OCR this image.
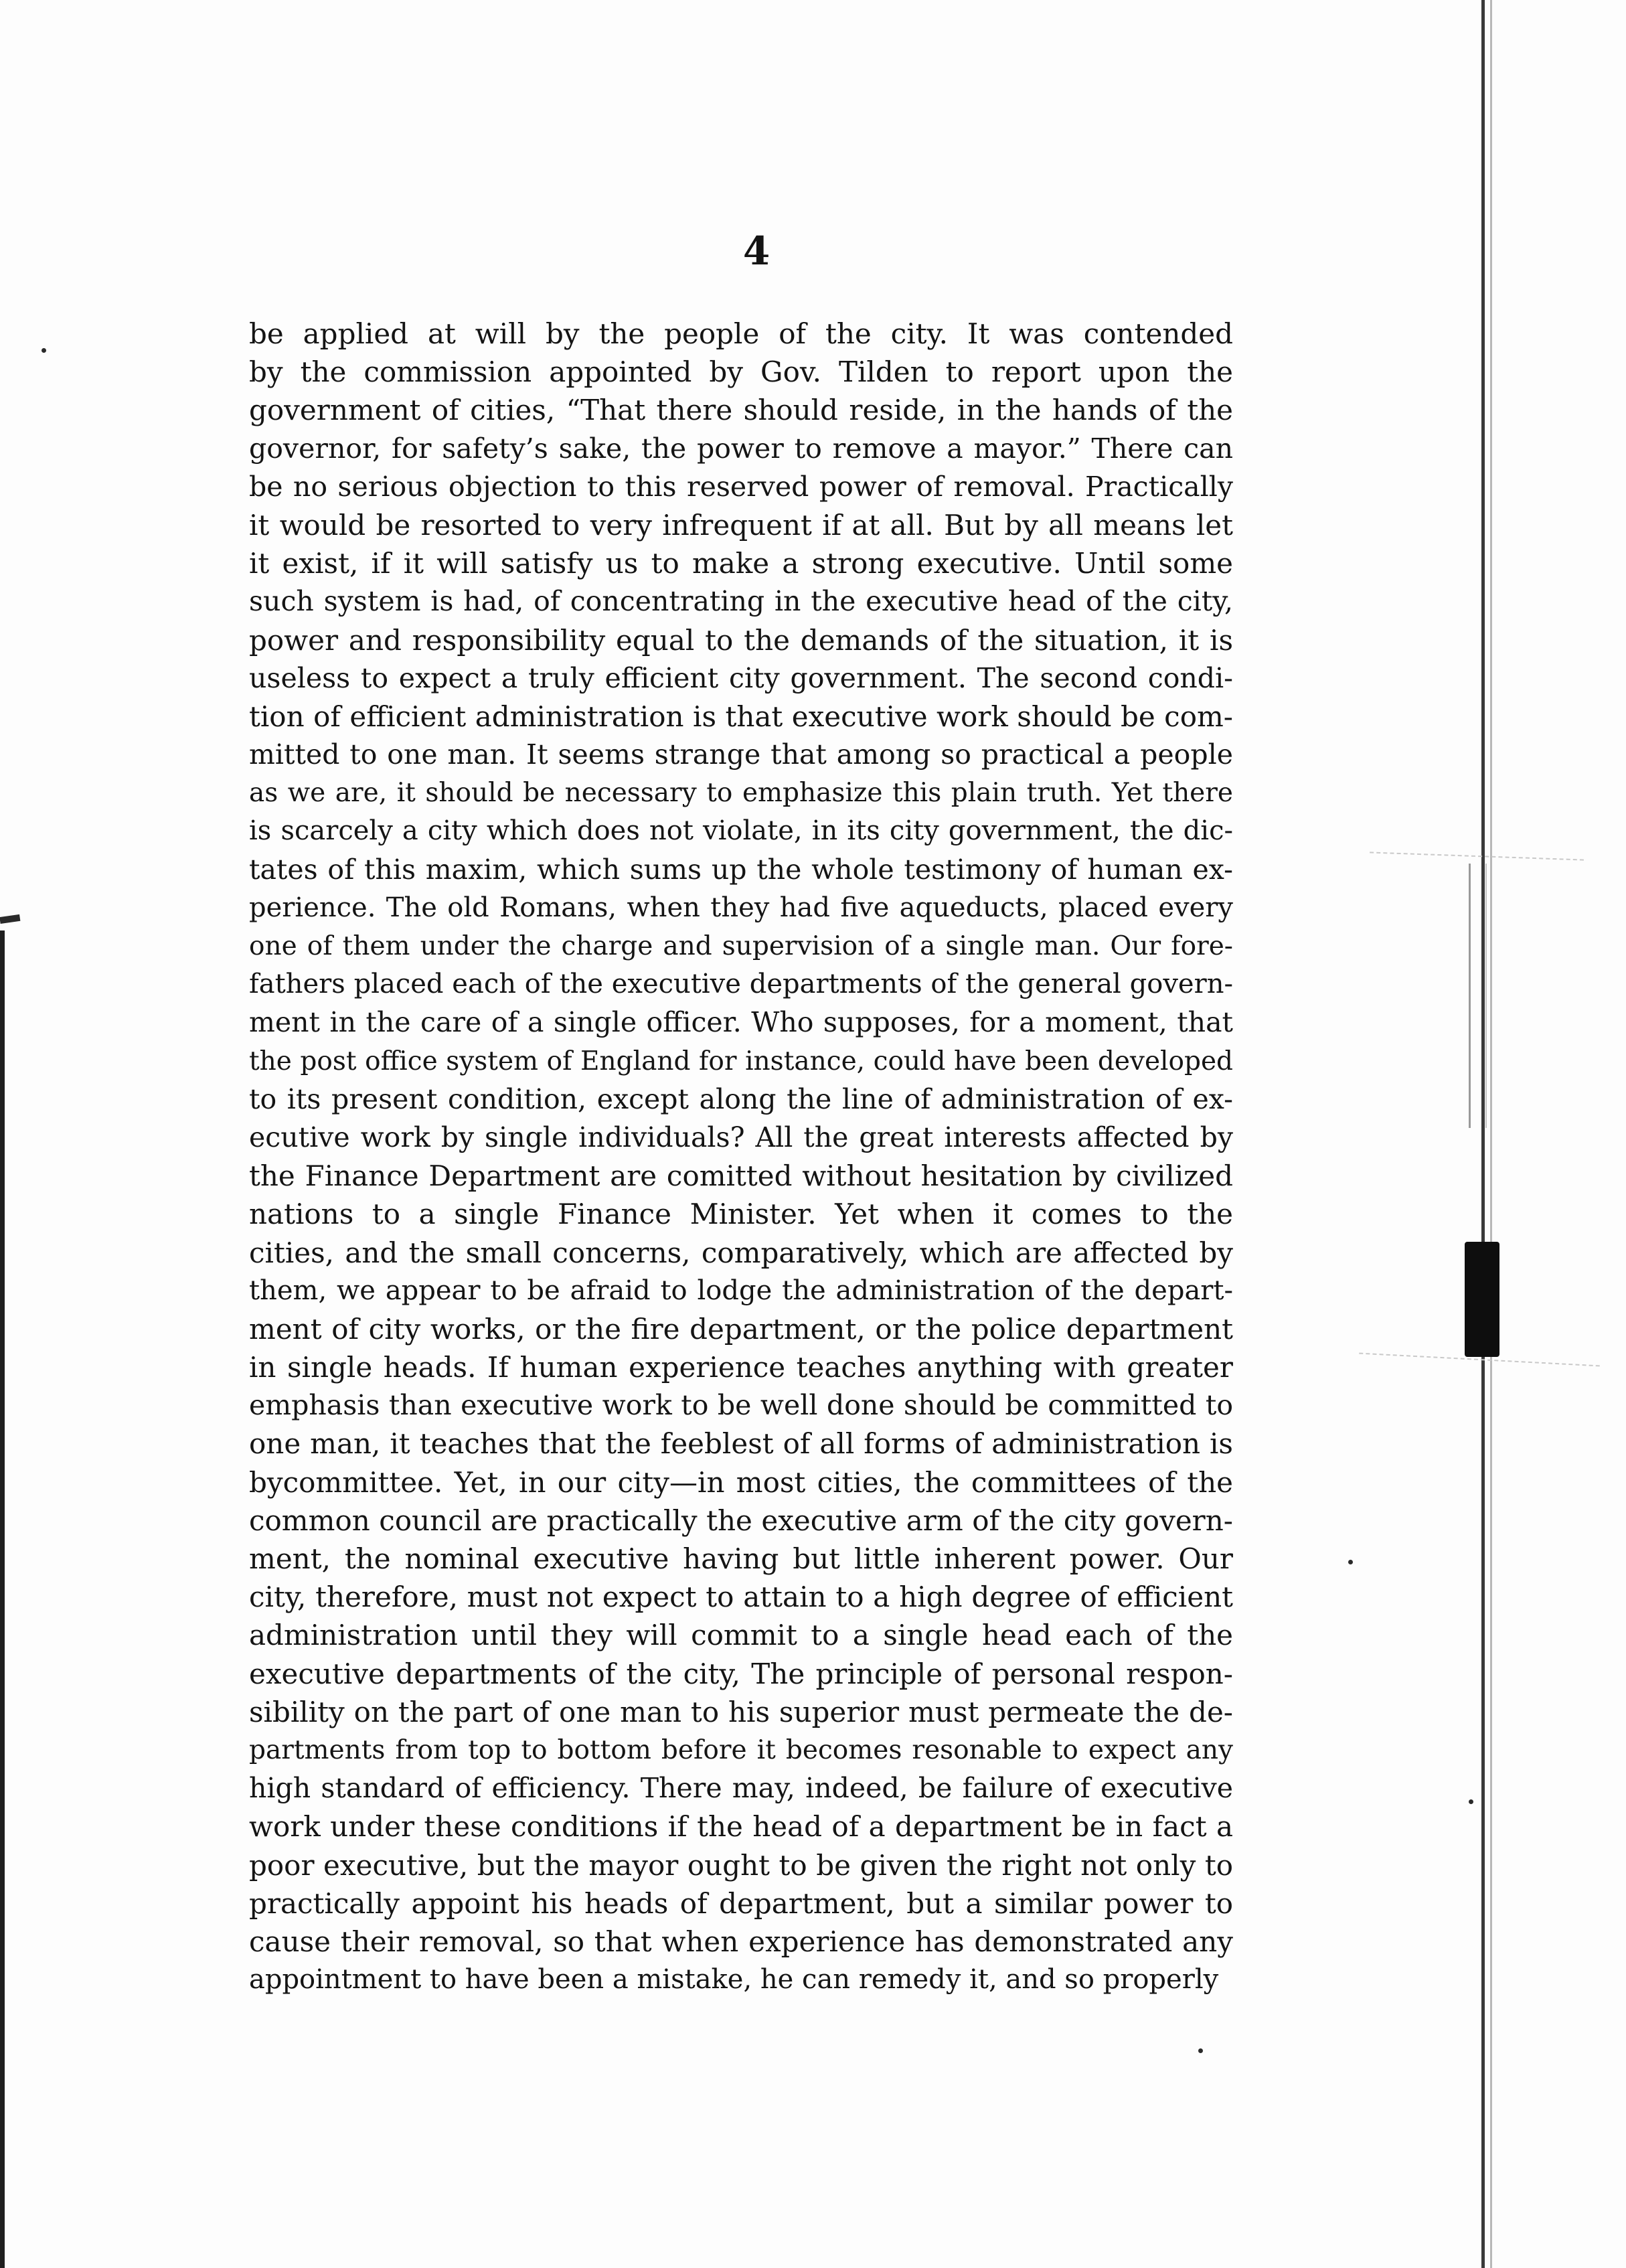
4
be applied at will by the people of the city. It was contended
by the commission appointed by Gov. Tilden to report upon the
government of cities, “That there should reside, in the hands of the
governor, for safety’s sake, the power to remove a mayor.” There can
be no serious objection to this reserved power of removal. Practically
it would be resorted to very infrequent if at all. But by all means let
it exist, if it will satisfy us to make a strong executive. Until some
such system is had, of concentrating in the executive head of the city,
power and responsibility equal to the demands of the situation, it is
useless to expect a truly efficient city government. The second condi-
tion of efficient administration is that executive work should be com-
mitted to one man. It seems strange that among so practical a people
as we are, it should be necessary to emphasize this plain truth. Yet there
is scarcely a city which does not violate, in its city government, the dic-
tates of this maxim, which sums up the whole testimony of human ex-
perience. The old Romans, when they had five aqueducts, placed every
one of them under the charge and supervision of a single man. Our fore-
fathers placed each of the executive departments of the general govern-
ment in the care of a single officer. Who supposes, for a moment, that
the post office system of England for instance, could have been developed
to its present condition, except along the line of administration of ex-
ecutive work by single individuals? All the great interests affected by
the Finance Department are comitted without hesitation by civilized
nations to a single Finance Minister. Yet when it comes to the
cities, and the small concerns, comparatively, which are affected by
them, we appear to be afraid to lodge the administration of the depart-
ment of city works, or the fire department, or the police department
in single heads. If human experience teaches anything with greater
emphasis than executive work to be well done should be committed to
one man, it teaches that the feeblest of all forms of administration is
bycommittee. Yet, in our city—in most cities, the committees of the
common council are practically the executive arm of the city govern-
ment, the nominal executive having but little inherent power. Our
city, therefore, must not expect to attain to a high degree of efficient
administration until they will commit to a single head each of the
executive departments of the city, The principle of personal respon-
sibility on the part of one man to his superior must permeate the de-
partments from top to bottom before it becomes resonable to expect any
high standard of efficiency. There may, indeed, be failure of executive
work under these conditions if the head of a department be in fact a
poor executive, but the mayor ought to be given the right not only to
practically appoint his heads of department, but a similar power to
cause their removal, so that when experience has demonstrated any
appointment to have been a mistake, he can remedy it, and so properly
